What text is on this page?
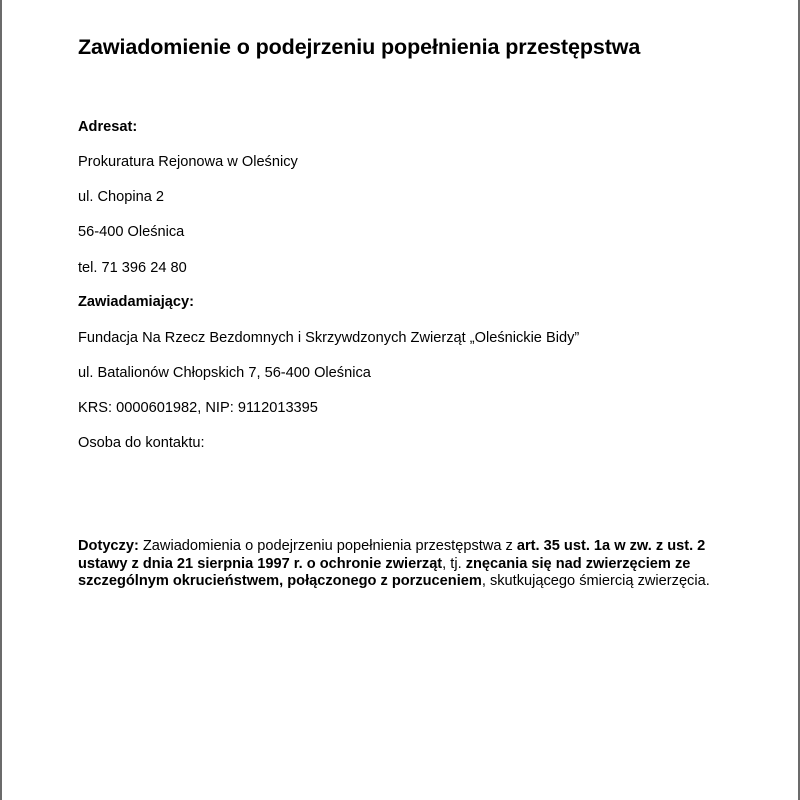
Zawiadomienie o podejrzeniu popełnienia przestępstwa

Adresat:

Prokuratura Rejonowa w Oleśnicy

ul. Chopina 2

56-400 Oleśnica

tel. 71 396 24 80

Zawiadamiający:

Fundacja Na Rzecz Bezdomnych i Skrzywdzonych Zwierząt „Oleśnickie Bidy”

ul. Batalionów Chłopskich 7, 56-400 Oleśnica

KRS: 0000601982, NIP: 9112013395

Osoba do kontaktu:

Dotyczy: Zawiadomienia o podejrzeniu popełnienia przestępstwa z art. 35 ust. 1a w zw. z ust. 2 ustawy z dnia 21 sierpnia 1997 r. o ochronie zwierząt, tj. znęcania się nad zwierzęciem ze szczególnym okrucieństwem, połączonego z porzuceniem, skutkującego śmiercią zwierzęcia.
